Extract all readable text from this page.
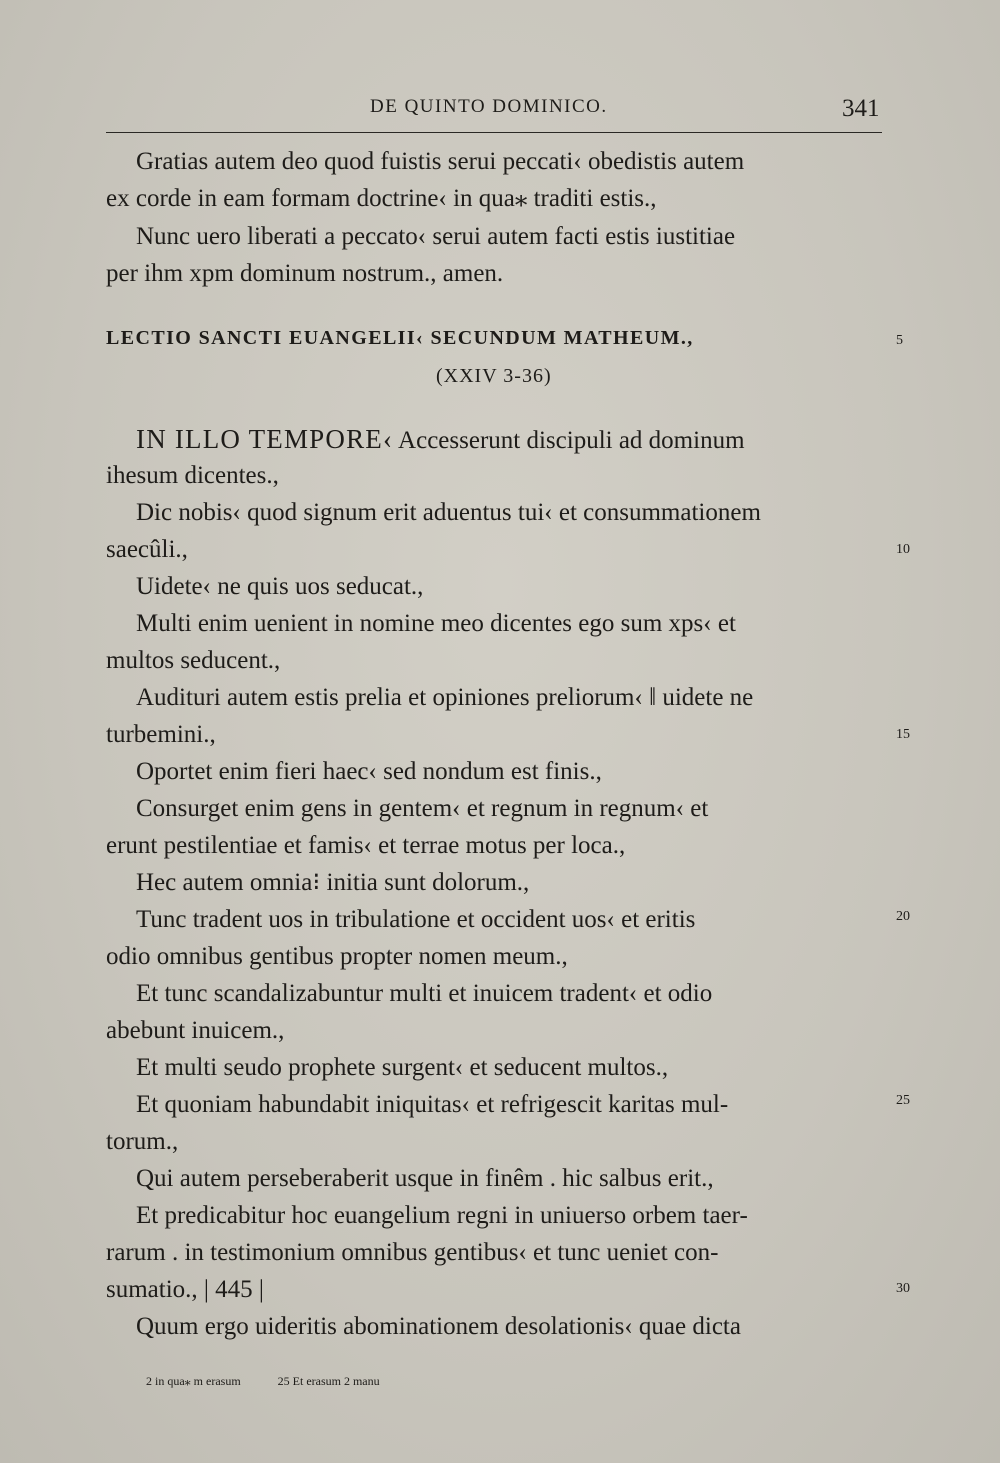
DE QUINTO DOMINICO.	341
Gratias autem deo quod fuistis serui peccati‹ obedistis autem
ex corde in eam formam doctrine‹ in qua⁎ traditi estis.,
Nunc uero liberati a peccato‹ serui autem facti estis iustitiae
per ihm xpm dominum nostrum., amen.
LECTIO SANCTI EUANGELII‹ SECUNDUM MATHEUM.,
(XXIV 3-36)
5
IN ILLO TEMPORE‹ Accesserunt discipuli ad dominum
ihesum dicentes.,
Dic nobis‹ quod signum erit aduentus tui‹ et consummationem
saecûli.,	10
Uidete‹ ne quis uos seducat.,
Multi enim uenient in nomine meo dicentes ego sum xps‹ et
multos seducent.,
Audituri autem estis prelia et opiniones preliorum‹ ‖ uidete ne
turbemini.,	15
Oportet enim fieri haec‹ sed nondum est finis.,
Consurget enim gens in gentem‹ et regnum in regnum‹ et
erunt pestilentiae et famis‹ et terrae motus per loca.,
Hec autem omnia⁝ initia sunt dolorum.,
Tunc tradent uos in tribulatione et occident uos‹ et eritis	20
odio omnibus gentibus propter nomen meum.,
Et tunc scandalizabuntur multi et inuicem tradent‹ et odio
abebunt inuicem.,
Et multi seudo prophete surgent‹ et seducent multos.,
Et quoniam habundabit iniquitas‹ et refrigescit karitas mul-	25
torum.,
Qui autem perseberaberit usque in finêm . hic salbus erit.,
Et predicabitur hoc euangelium regni in uniuerso orbem taer-
rarum . in testimonium omnibus gentibus‹ et tunc ueniet con-
sumatio., | 445 |	30
Quum ergo uideritis abominationem desolationis‹ quae dicta
2 in qua⁎ m erasum	25 Et erasum 2 manu
